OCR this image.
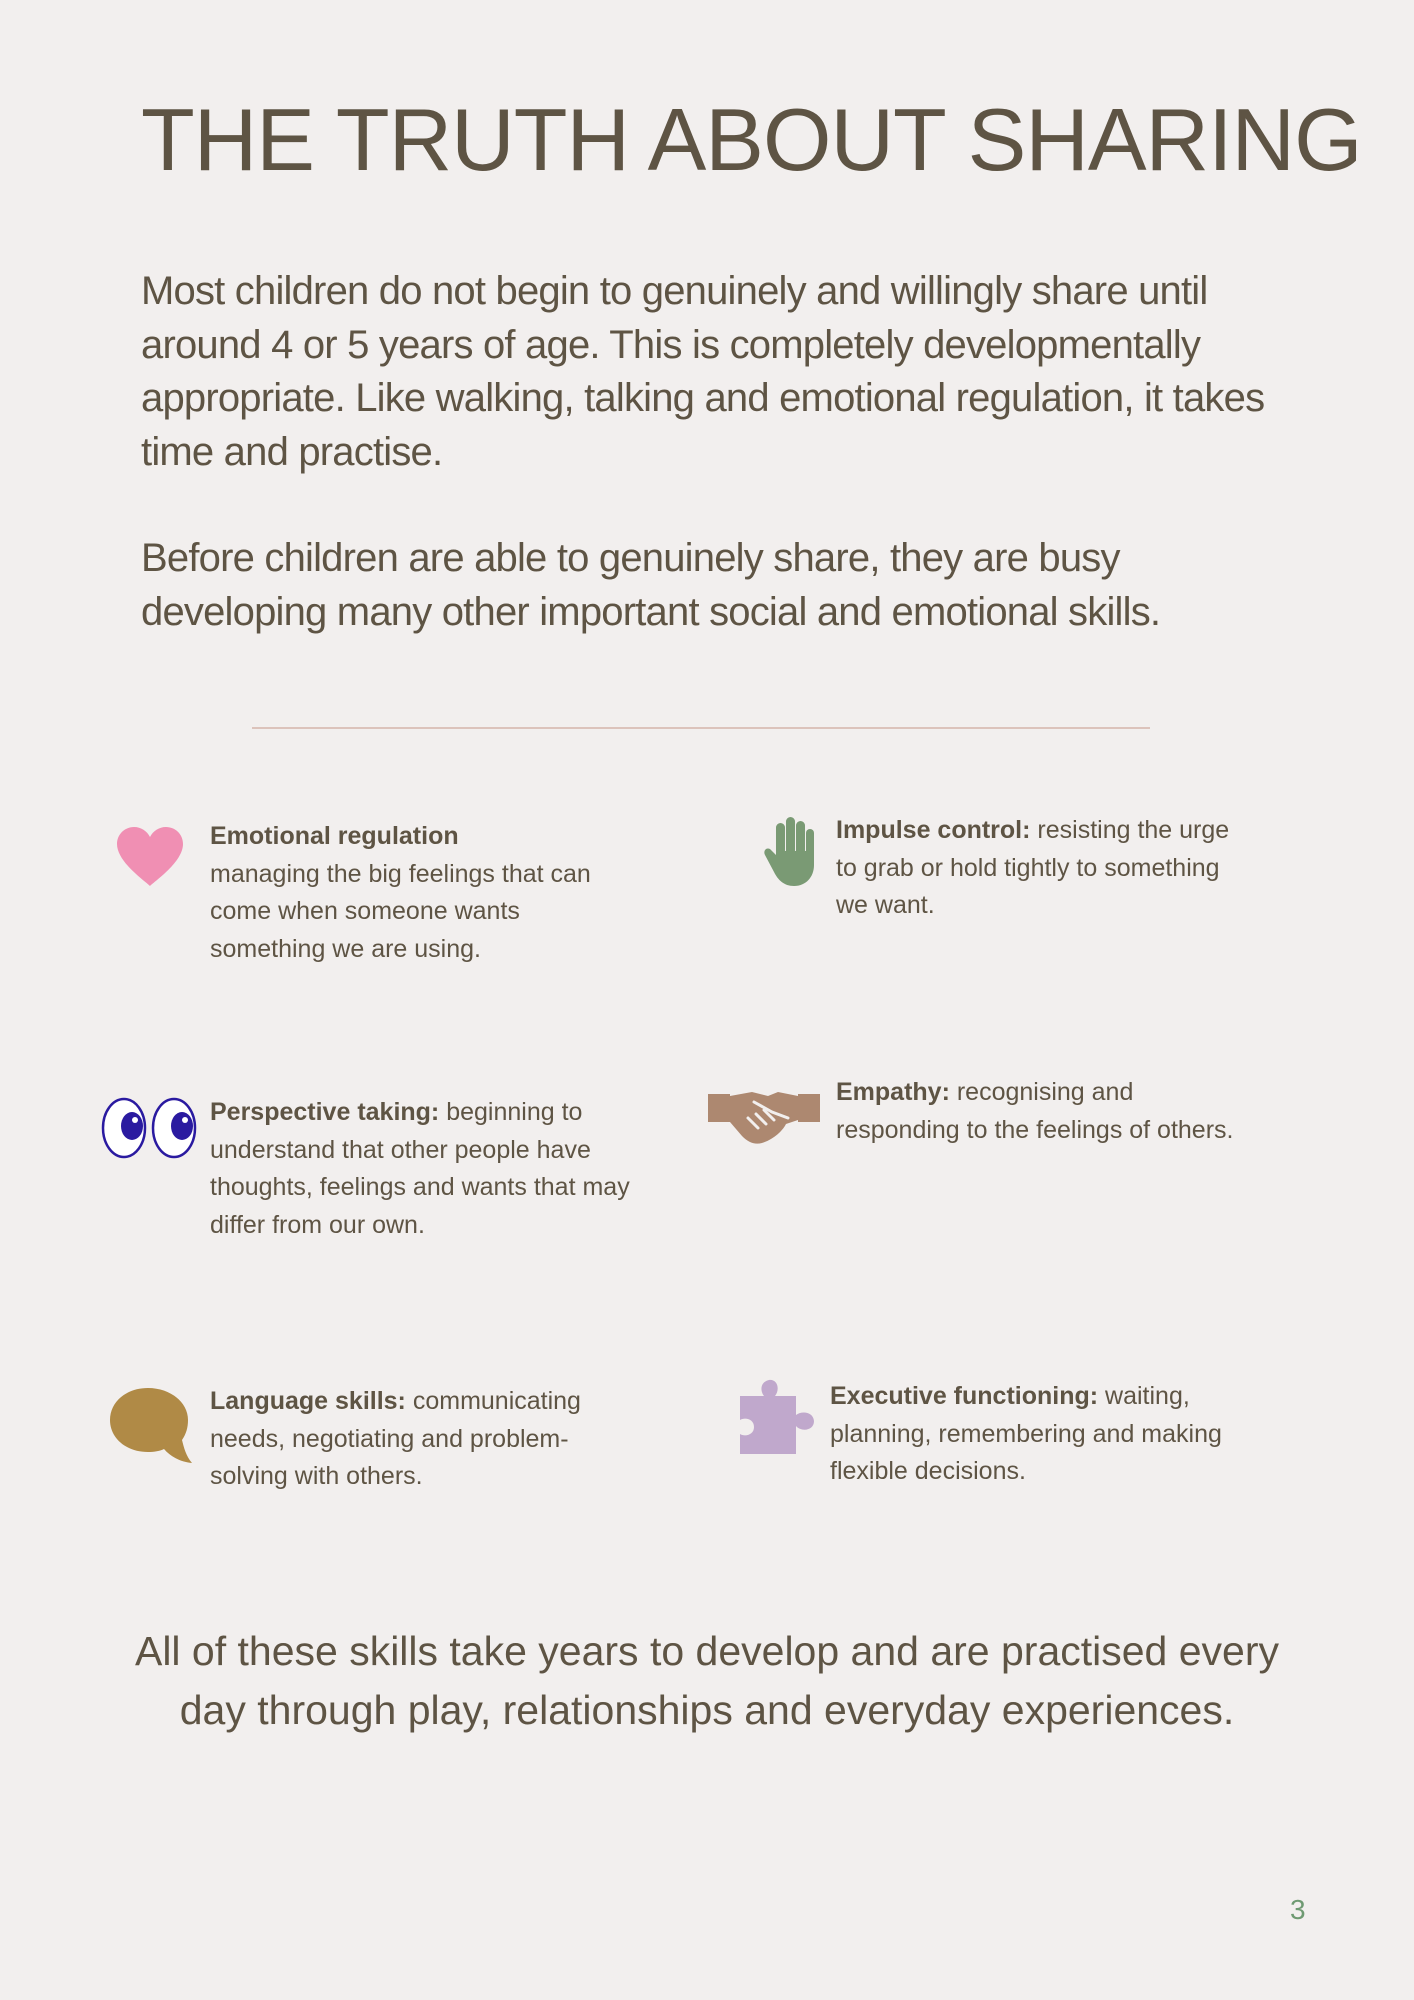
THE TRUTH ABOUT SHARING

Most children do not begin to genuinely and willingly share until around 4 or 5 years of age. This is completely developmentally appropriate. Like walking, talking and emotional regulation, it takes time and practise.

Before children are able to genuinely share, they are busy developing many other important social and emotional skills.

Emotional regulation
managing the big feelings that can come when someone wants something we are using.

Impulse control: resisting the urge to grab or hold tightly to something we want.

Perspective taking: beginning to understand that other people have thoughts, feelings and wants that may differ from our own.

Empathy: recognising and responding to the feelings of others.

Language skills: communicating needs, negotiating and problem-solving with others.

Executive functioning: waiting, planning, remembering and making flexible decisions.

All of these skills take years to develop and are practised every day through play, relationships and everyday experiences.

3
